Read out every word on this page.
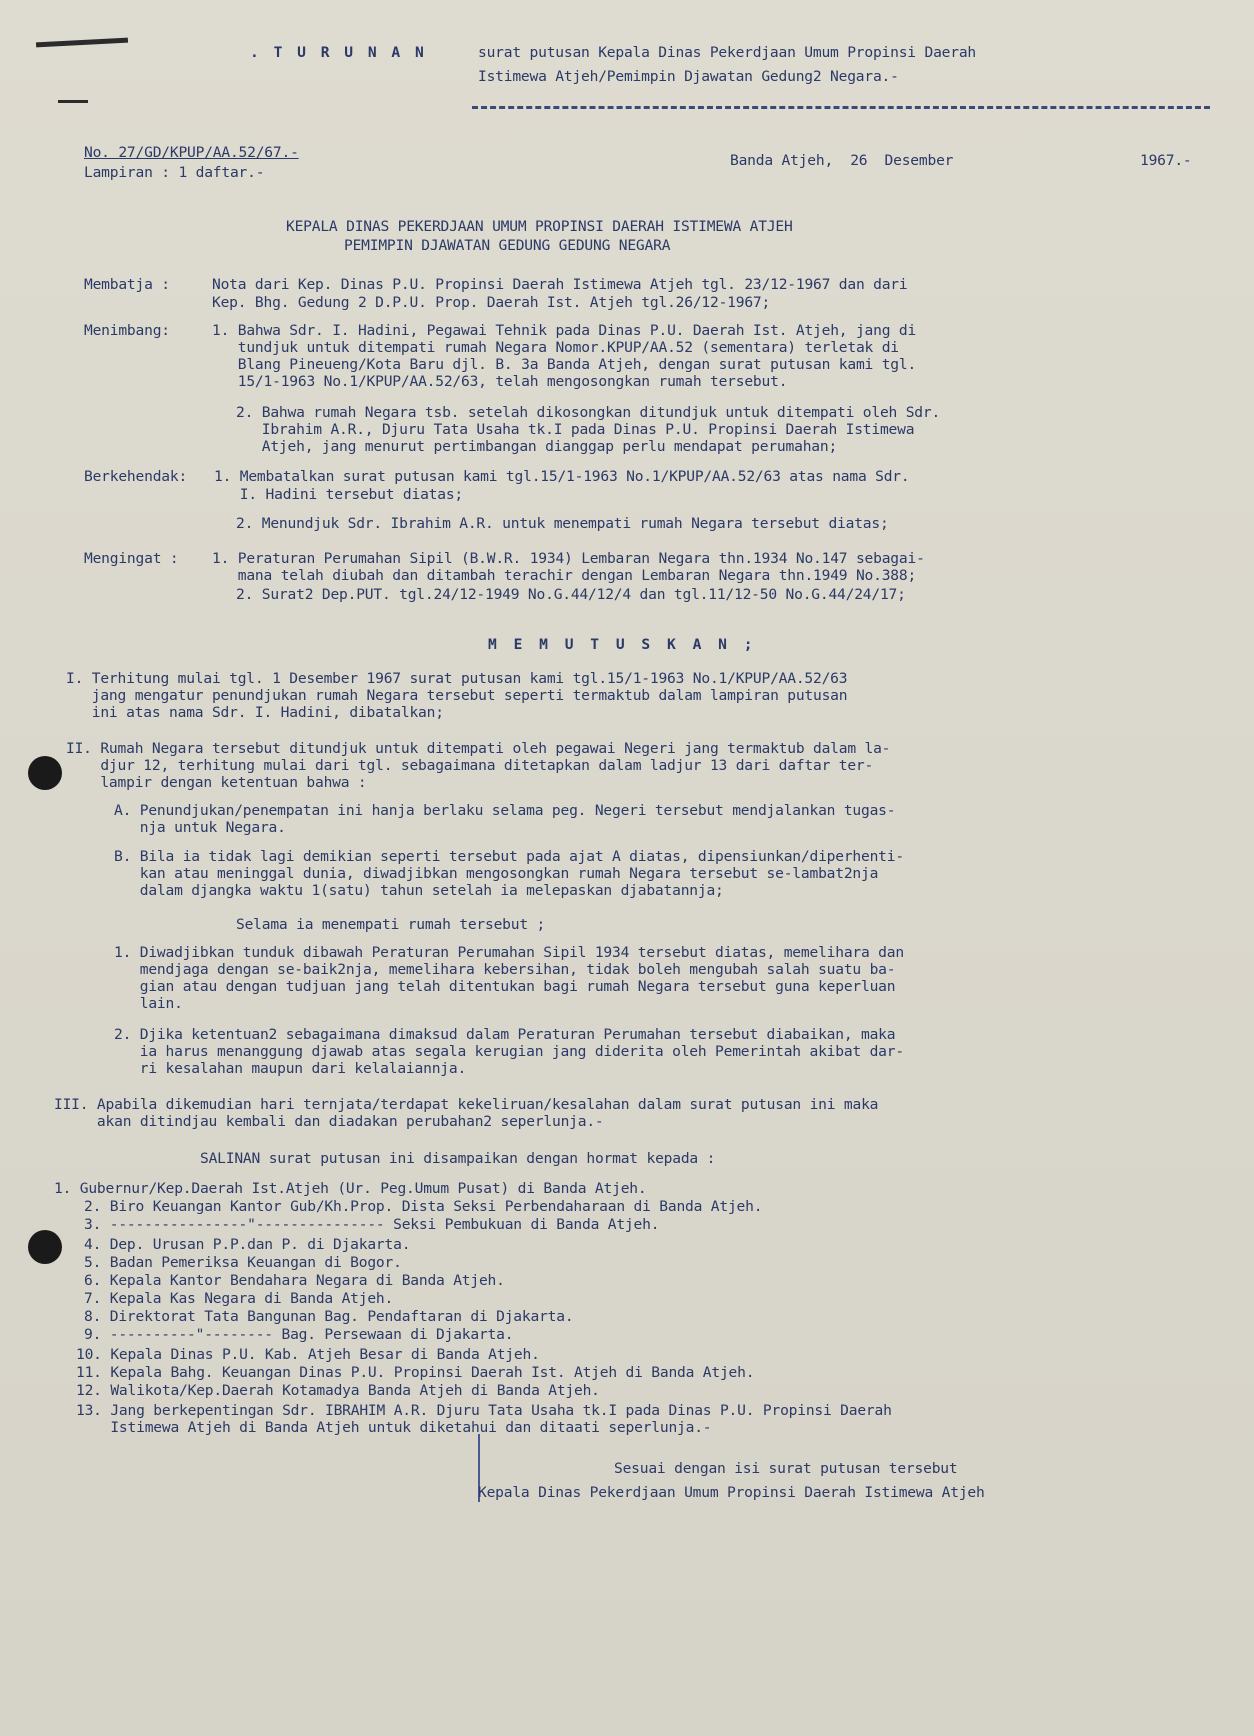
. T U R U N A N	surat putusan Kepala Dinas Pekerdjaan Umum Propinsi Daerah
Istimewa Atjeh/Pemimpin Djawatan Gedung2 Negara.-
No. 27/GD/KPUP/AA.52/67.-
Lampiran : 1 daftar.-
Banda Atjeh,  26  Desember	1967.-
KEPALA DINAS PEKERDJAAN UMUM PROPINSI DAERAH ISTIMEWA ATJEH
PEMIMPIN DJAWATAN GEDUNG GEDUNG NEGARA
Membatja :	Nota dari Kep. Dinas P.U. Propinsi Daerah Istimewa Atjeh tgl. 23/12-1967 dan dari
Kep. Bhg. Gedung 2 D.P.U. Prop. Daerah Ist. Atjeh tgl.26/12-1967;
Menimbang:	1. Bahwa Sdr. I. Hadini, Pegawai Tehnik pada Dinas P.U. Daerah Ist. Atjeh, jang di
tundjuk untuk ditempati rumah Negara Nomor.KPUP/AA.52 (sementara) terletak di
Blang Pineueng/Kota Baru djl. B. 3a Banda Atjeh, dengan surat putusan kami tgl.
15/1-1963 No.1/KPUP/AA.52/63, telah mengosongkan rumah tersebut.
2. Bahwa rumah Negara tsb. setelah dikosongkan ditundjuk untuk ditempati oleh Sdr.
Ibrahim A.R., Djuru Tata Usaha tk.I pada Dinas P.U. Propinsi Daerah Istimewa
Atjeh, jang menurut pertimbangan dianggap perlu mendapat perumahan;
Berkehendak: 1. Membatalkan surat putusan kami tgl.15/1-1963 No.1/KPUP/AA.52/63 atas nama Sdr.
I. Hadini tersebut diatas;
2. Menundjuk Sdr. Ibrahim A.R. untuk menempati rumah Negara tersebut diatas;
Mengingat : 1. Peraturan Perumahan Sipil (B.W.R. 1934) Lembaran Negara thn.1934 No.147 sebagai-
mana telah diubah dan ditambah terachir dengan Lembaran Negara thn.1949 No.388;
2. Surat2 Dep.PUT. tgl.24/12-1949 No.G.44/12/4 dan tgl.11/12-50 No.G.44/24/17;
M E M U T U S K A N ;
I. Terhitung mulai tgl. 1 Desember 1967 surat putusan kami tgl.15/1-1963 No.1/KPUP/AA.52/63
jang mengatur penundjukan rumah Negara tersebut seperti termaktub dalam lampiran putusan
ini atas nama Sdr. I. Hadini, dibatalkan;
II. Rumah Negara tersebut ditundjuk untuk ditempati oleh pegawai Negeri jang termaktub dalam la-
djur 12, terhitung mulai dari tgl. sebagaimana ditetapkan dalam ladjur 13 dari daftar ter-
lampir dengan ketentuan bahwa :
A. Penundjukan/penempatan ini hanja berlaku selama peg. Negeri tersebut mendjalankan tugas-
nja untuk Negara.
B. Bila ia tidak lagi demikian seperti tersebut pada ajat A diatas, dipensiunkan/diperhenti-
kan atau meninggal dunia, diwadjibkan mengosongkan rumah Negara tersebut se-lambat2nja
dalam djangka waktu 1(satu) tahun setelah ia melepaskan djabatannja;
Selama ia menempati rumah tersebut ;
1. Diwadjibkan tunduk dibawah Peraturan Perumahan Sipil 1934 tersebut diatas, memelihara dan
mendjaga dengan se-baik2nja, memelihara kebersihan, tidak boleh mengubah salah suatu ba-
gian atau dengan tudjuan jang telah ditentukan bagi rumah Negara tersebut guna keperluan
lain.
2. Djika ketentuan2 sebagaimana dimaksud dalam Peraturan Perumahan tersebut diabaikan, maka
ia harus menanggung djawab atas segala kerugian jang diderita oleh Pemerintah akibat dar-
ri kesalahan maupun dari kelalaiannja.
III. Apabila dikemudian hari ternjata/terdapat kekeliruan/kesalahan dalam surat putusan ini maka
akan ditindjau kembali dan diadakan perubahan2 seperlunja.-
SALINAN surat putusan ini disampaikan dengan hormat kepada :
1. Gubernur/Kep.Daerah Ist.Atjeh (Ur. Peg.Umum Pusat) di Banda Atjeh.
2. Biro Keuangan Kantor Gub/Kh.Prop. Dista Seksi Perbendaharaan di Banda Atjeh.
3. ----------------"--------------- Seksi Pembukuan di Banda Atjeh.
4. Dep. Urusan P.P.dan P. di Djakarta.
5. Badan Pemeriksa Keuangan di Bogor.
6. Kepala Kantor Bendahara Negara di Banda Atjeh.
7. Kepala Kas Negara di Banda Atjeh.
8. Direktorat Tata Bangunan Bag. Pendaftaran di Djakarta.
9. ----------"-------- Bag. Persewaan di Djakarta.
10. Kepala Dinas P.U. Kab. Atjeh Besar di Banda Atjeh.
11. Kepala Bahg. Keuangan Dinas P.U. Propinsi Daerah Ist. Atjeh di Banda Atjeh.
12. Walikota/Kep.Daerah Kotamadya Banda Atjeh di Banda Atjeh.
13. Jang berkepentingan Sdr. IBRAHIM A.R. Djuru Tata Usaha tk.I pada Dinas P.U. Propinsi Daerah
Istimewa Atjeh di Banda Atjeh untuk diketahui dan ditaati seperlunja.-
Sesuai dengan isi surat putusan tersebut
Kepala Dinas Pekerdjaan Umum Propinsi Daerah Istimewa Atjeh
